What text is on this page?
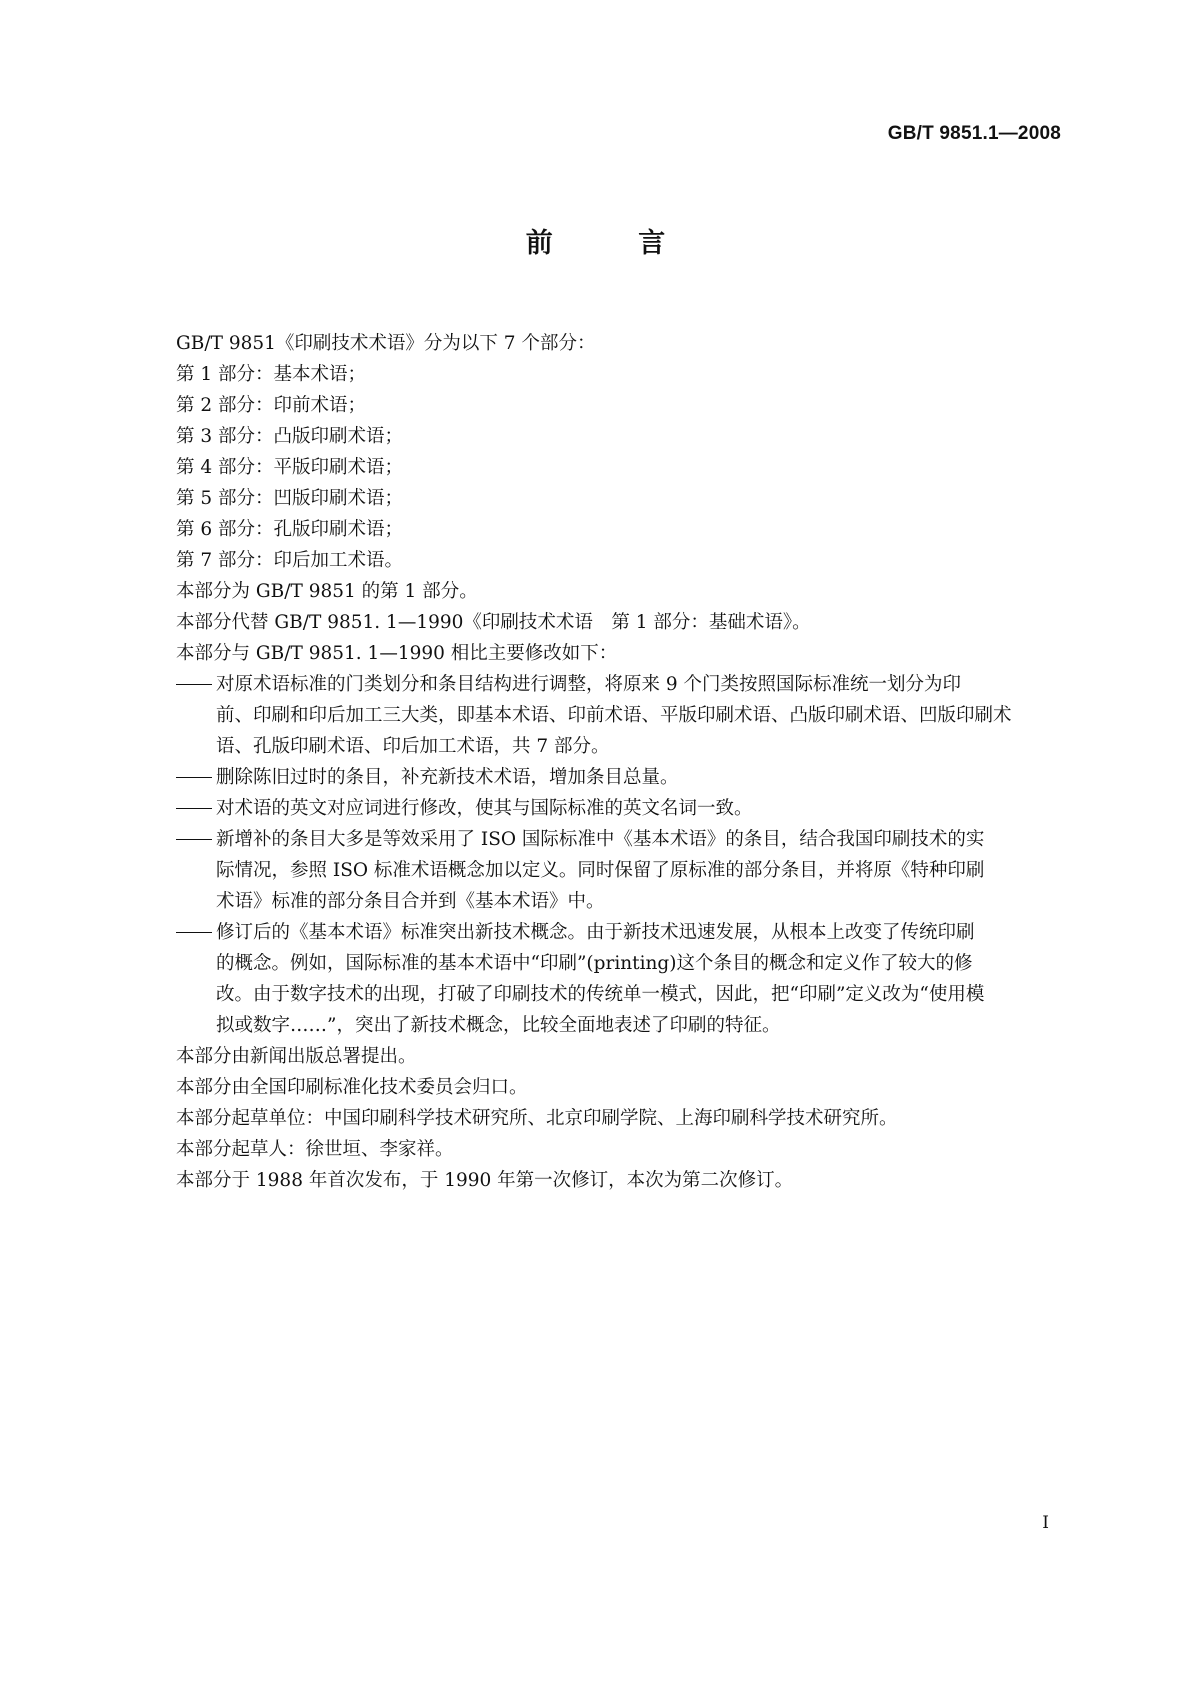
GB/T 9851.1—2008

前 言

GB/T 9851《印刷技术术语》分为以下 7 个部分：

第 1 部分：基本术语；

第 2 部分：印前术语；

第 3 部分：凸版印刷术语；

第 4 部分：平版印刷术语；

第 5 部分：凹版印刷术语；

第 6 部分：孔版印刷术语；

第 7 部分：印后加工术语。

本部分为 GB/T 9851 的第 1 部分。

本部分代替 GB/T 9851. 1—1990《印刷技术术语　第 1 部分：基础术语》。

本部分与 GB/T 9851. 1—1990 相比主要修改如下：

对原术语标准的门类划分和条目结构进行调整，将原来 9 个门类按照国际标准统一划分为印
前、印刷和印后加工三大类，即基本术语、印前术语、平版印刷术语、凸版印刷术语、凹版印刷术
语、孔版印刷术语、印后加工术语，共 7 部分。
删除陈旧过时的条目，补充新技术术语，增加条目总量。
对术语的英文对应词进行修改，使其与国际标准的英文名词一致。
新增补的条目大多是等效采用了 ISO 国际标准中《基本术语》的条目，结合我国印刷技术的实
际情况，参照 ISO 标准术语概念加以定义。同时保留了原标准的部分条目，并将原《特种印刷
术语》标准的部分条目合并到《基本术语》中。
修订后的《基本术语》标准突出新技术概念。由于新技术迅速发展，从根本上改变了传统印刷
的概念。例如，国际标准的基本术语中“印刷”(printing)这个条目的概念和定义作了较大的修
改。由于数字技术的出现，打破了印刷技术的传统单一模式，因此，把“印刷”定义改为“使用模
拟或数字……”，突出了新技术概念，比较全面地表述了印刷的特征。

本部分由新闻出版总署提出。

本部分由全国印刷标准化技术委员会归口。

本部分起草单位：中国印刷科学技术研究所、北京印刷学院、上海印刷科学技术研究所。

本部分起草人：徐世垣、李家祥。

本部分于 1988 年首次发布，于 1990 年第一次修订，本次为第二次修订。

I
